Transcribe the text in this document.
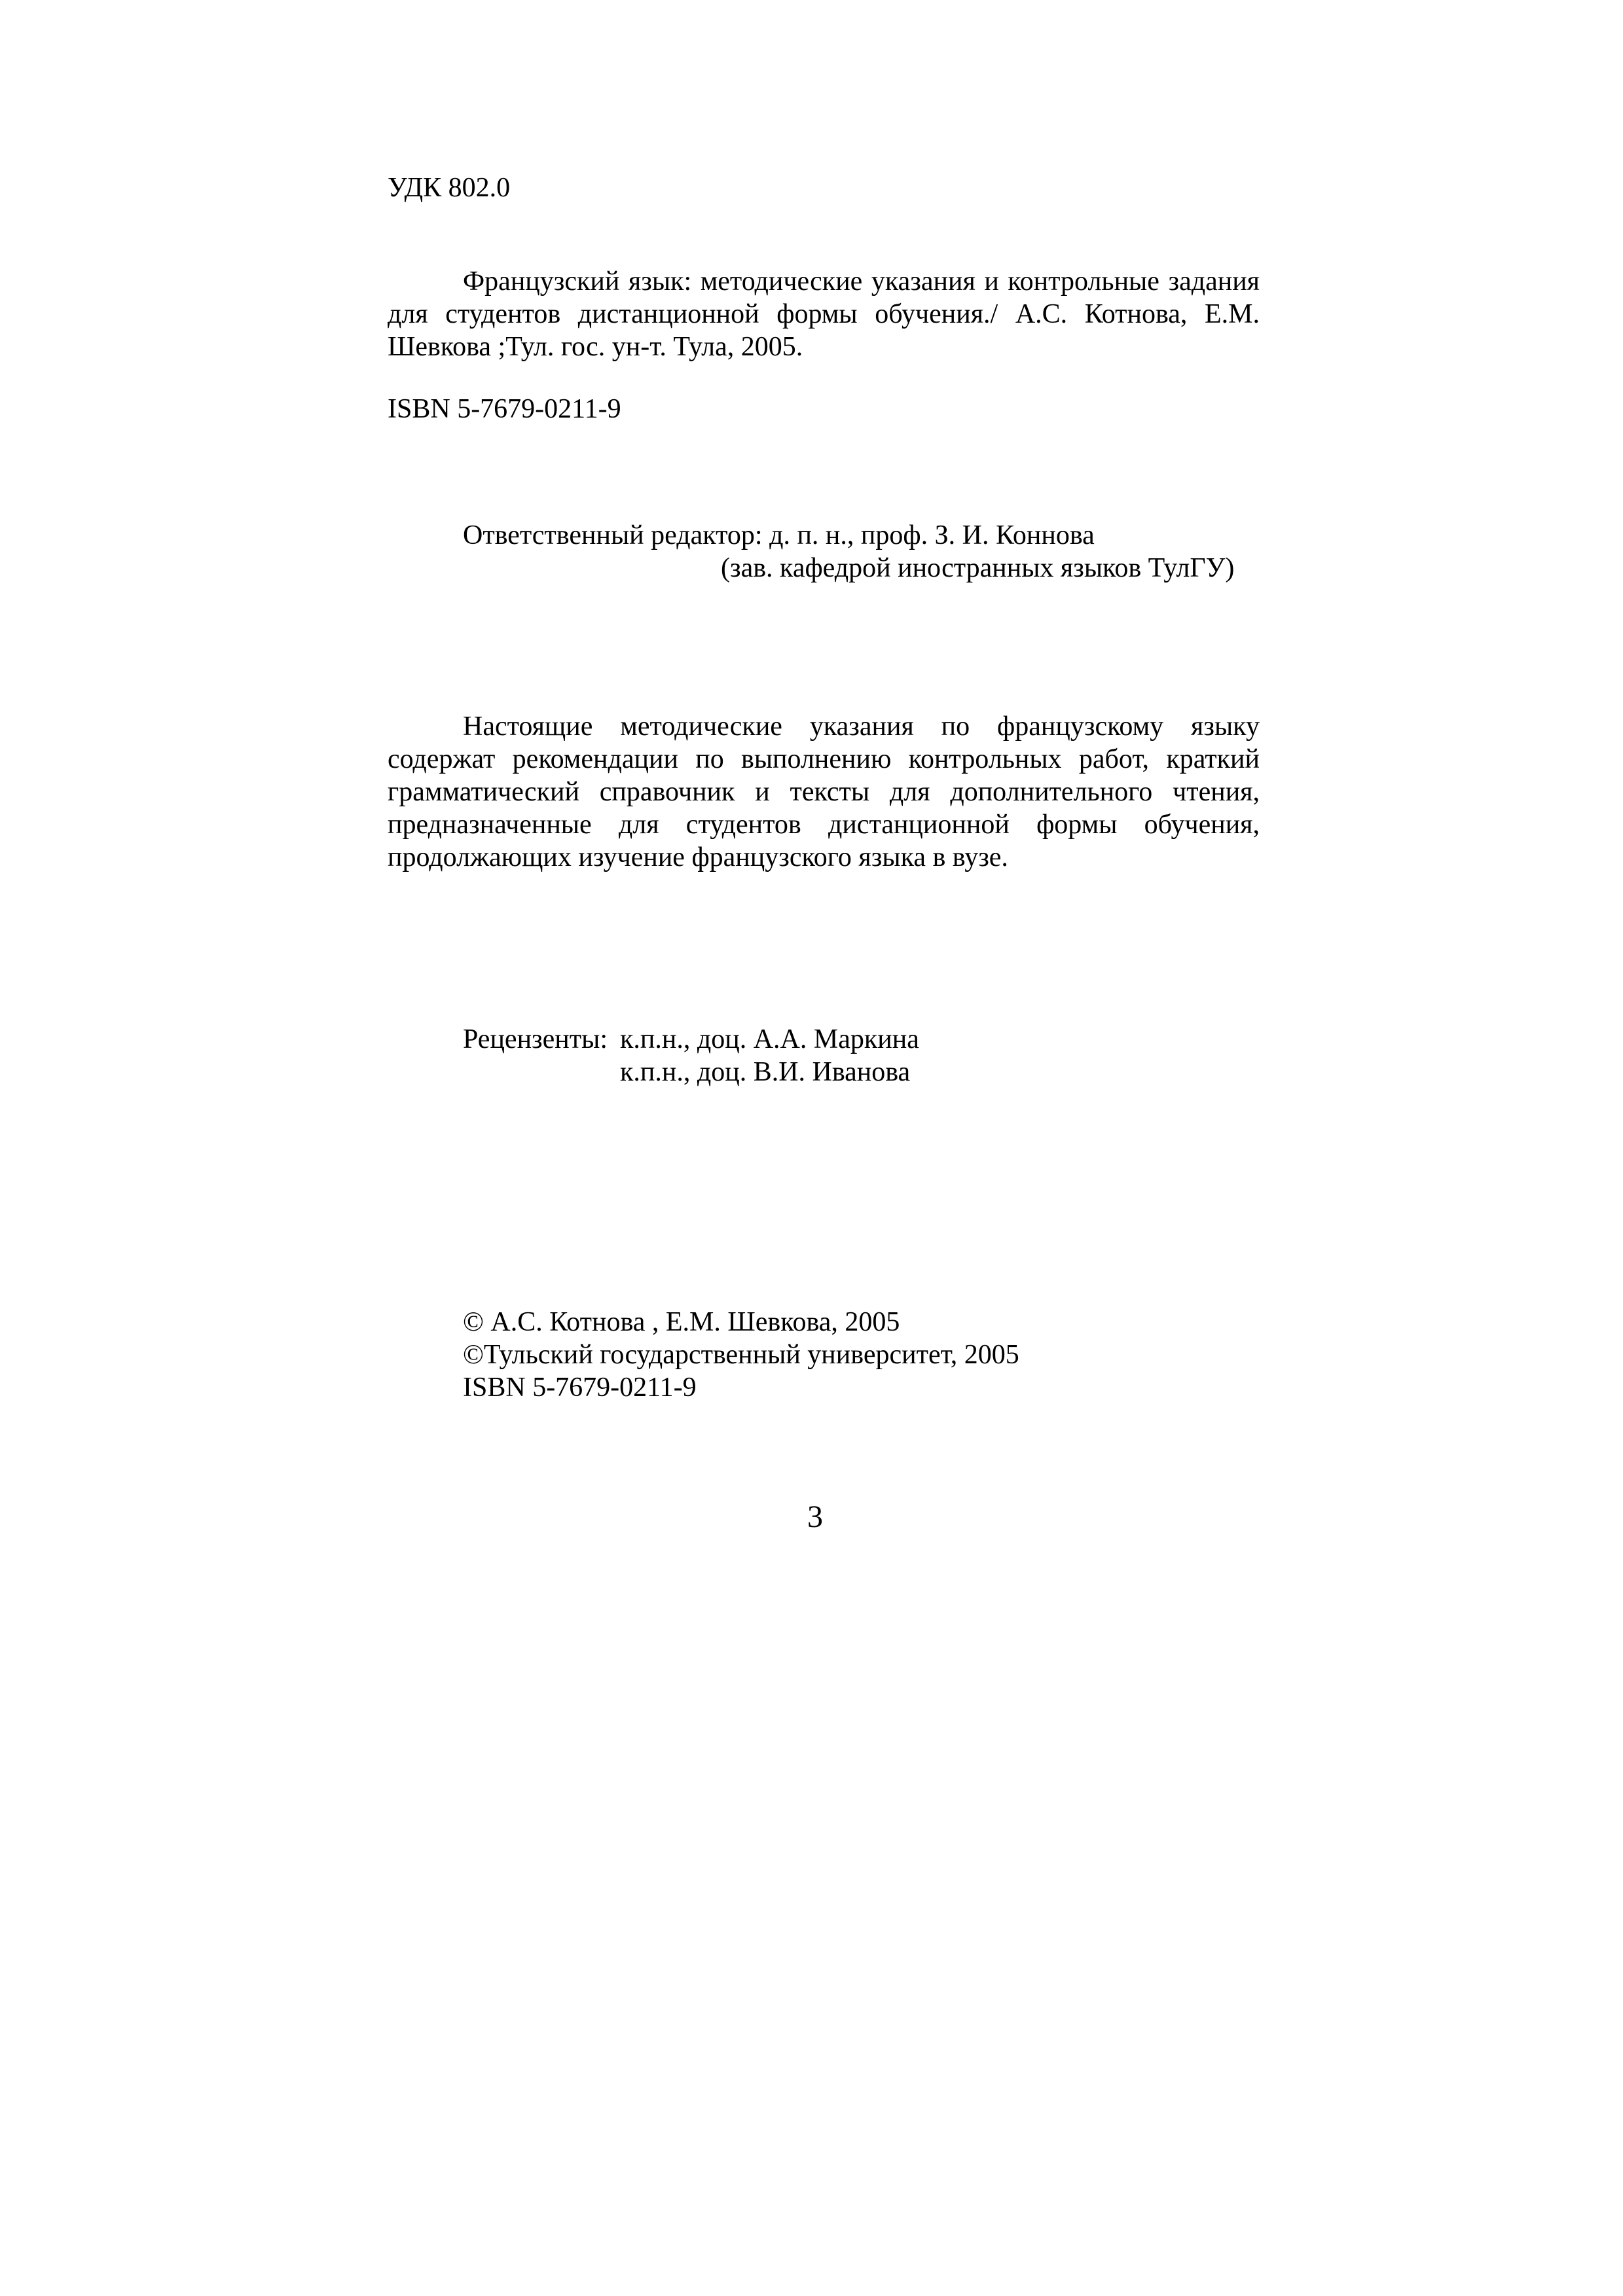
УДК 802.0
Французский язык: методические указания и контрольные задания для студентов дистанционной формы обучения./ А.С. Котнова, Е.М. Шевкова ;Тул. гос. ун-т. Тула, 2005.
ISBN 5-7679-0211-9
Ответственный редактор: д. п. н., проф. З. И. Коннова
(зав. кафедрой иностранных языков ТулГУ)
Настоящие методические указания по французскому языку содержат рекомендации по выполнению контрольных работ, краткий грамматический справочник и тексты для дополнительного чтения, предназначенные для студентов дистанционной формы обучения, продолжающих изучение французского языка в вузе.
Рецензенты: к.п.н., доц. А.А. Маркина
к.п.н., доц. В.И. Иванова
© А.С. Котнова , Е.М. Шевкова, 2005
©Тульский государственный университет, 2005
ISBN 5-7679-0211-9
3
